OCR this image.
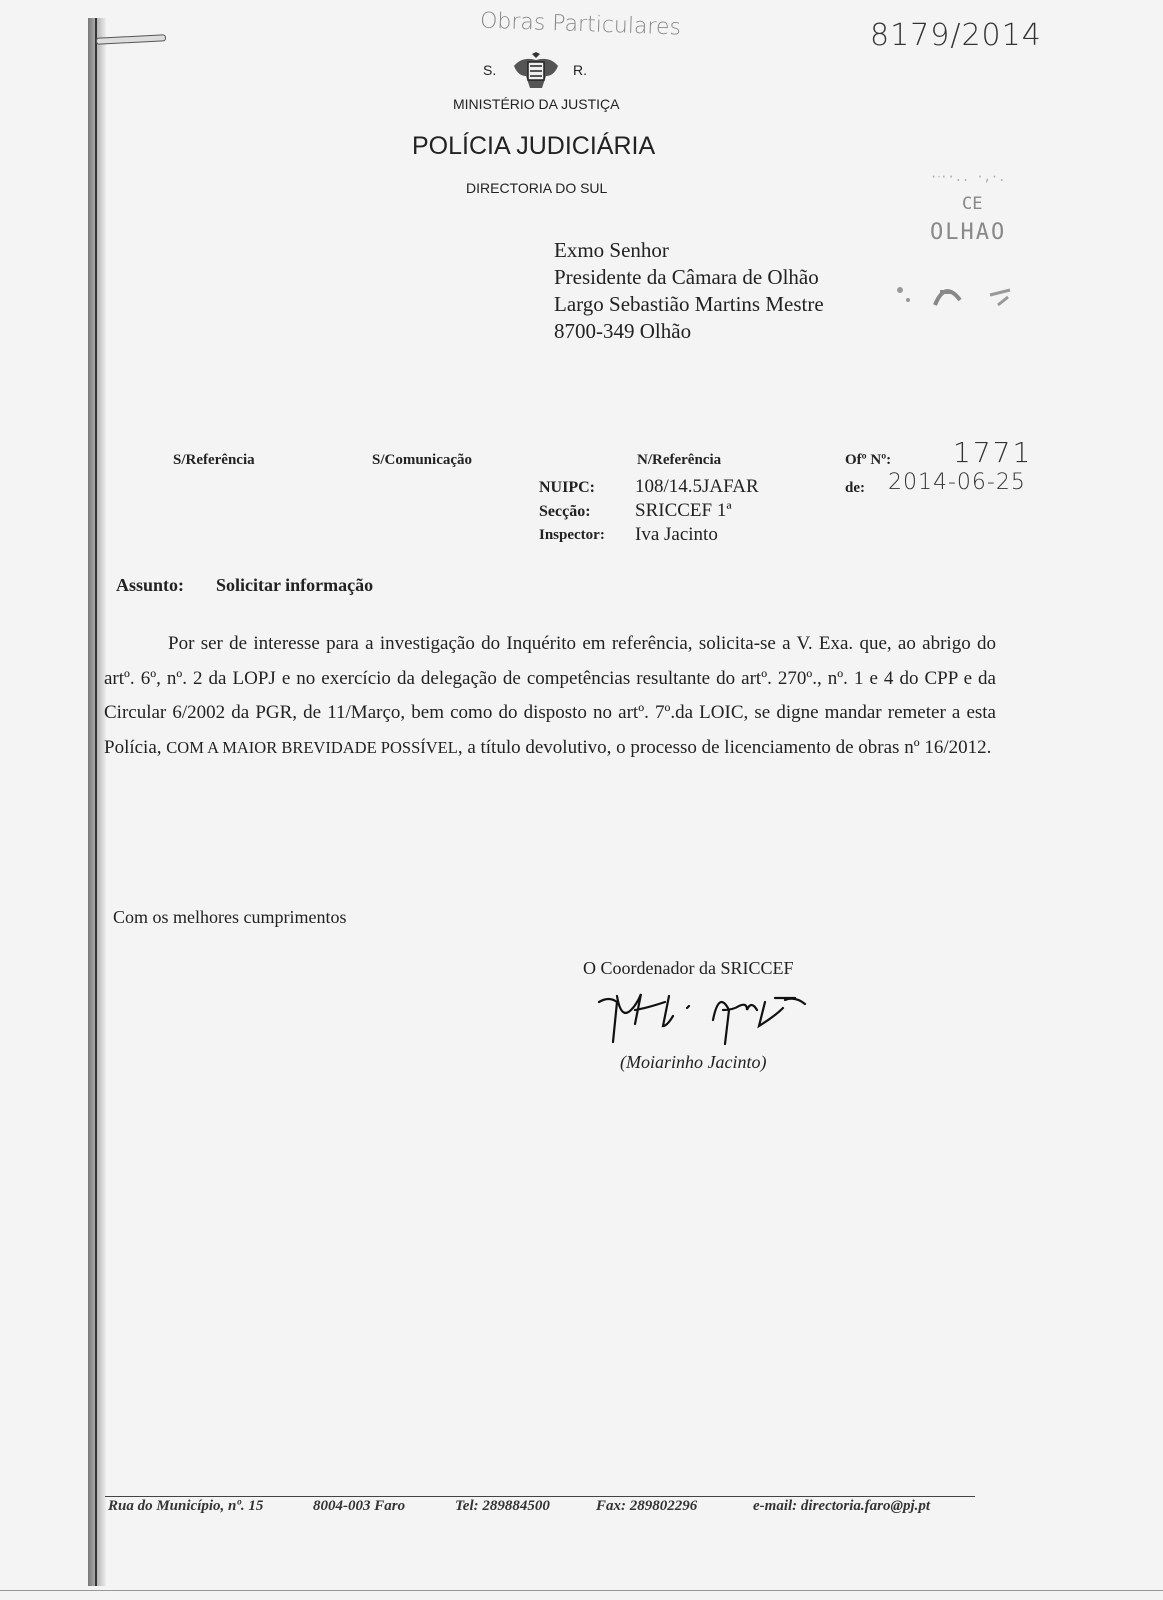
Obras Particulares	8179/2014
·ᐧ··.. ·,·.
CE
OLHAO
S.	R.
MINISTÉRIO DA JUSTIÇA
POLÍCIA JUDICIÁRIA
DIRECTORIA DO SUL
Exmo Senhor
Presidente da Câmara de Olhão
Largo Sebastião Martins Mestre
8700-349 Olhão
S/Referência	S/Comunicação	N/Referência
NUIPC: 108/14.5JAFAR
Secção: SRICCEF 1ª
Inspector: Iva Jacinto
Ofº Nº: 1771
de: 2014-06-25
Assunto: Solicitar informação

Por ser de interesse para a investigação do Inquérito em referência, solicita-se a V. Exa. que, ao abrigo do artº. 6º, nº. 2 da LOPJ e no exercício da delegação de competências resultante do artº. 270º., nº. 1 e 4 do CPP e da Circular 6/2002 da PGR, de 11/Março, bem como do disposto no artº. 7º.da LOIC, se digne mandar remeter a esta Polícia, COM A MAIOR BREVIDADE POSSÍVEL, a título devolutivo, o processo de licenciamento de obras nº 16/2012.

Com os melhores cumprimentos
O Coordenador da SRICCEF
(Moiarinho Jacinto)
Rua do Município, nº. 15	8004-003 Faro	Tel: 289884500	Fax: 289802296	e-mail: directoria.faro@pj.pt
